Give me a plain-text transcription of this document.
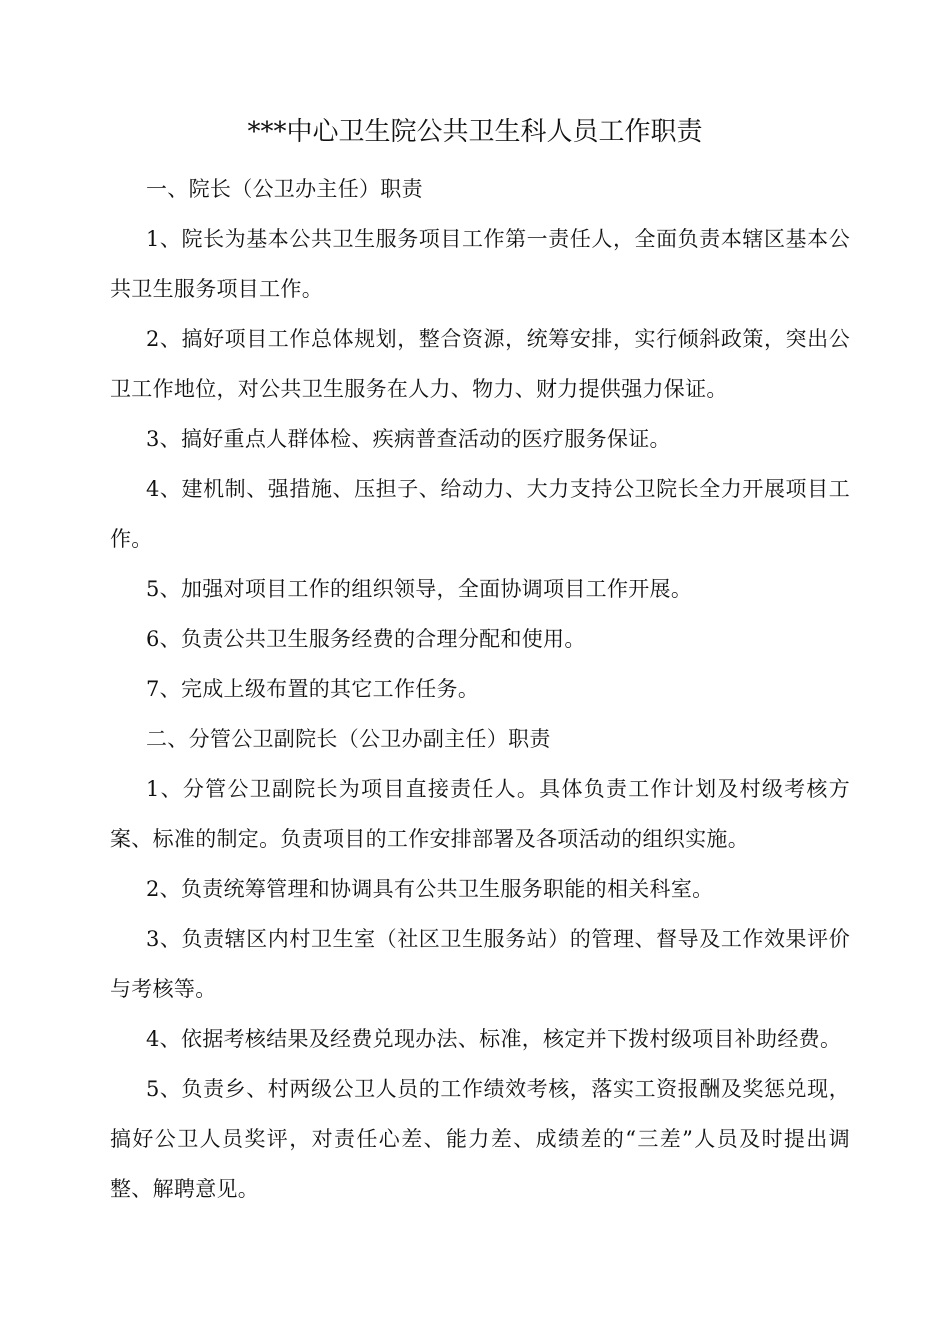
***中心卫生院公共卫生科人员工作职责

一、院长（公卫办主任）职责

1、院长为基本公共卫生服务项目工作第一责任人，全面负责本辖区基本公共卫生服务项目工作。

2、搞好项目工作总体规划，整合资源，统筹安排，实行倾斜政策，突出公卫工作地位，对公共卫生服务在人力、物力、财力提供强力保证。

3、搞好重点人群体检、疾病普查活动的医疗服务保证。

4、建机制、强措施、压担子、给动力、大力支持公卫院长全力开展项目工作。

5、加强对项目工作的组织领导，全面协调项目工作开展。

6、负责公共卫生服务经费的合理分配和使用。

7、完成上级布置的其它工作任务。

二、分管公卫副院长（公卫办副主任）职责

1、分管公卫副院长为项目直接责任人。具体负责工作计划及村级考核方案、标准的制定。负责项目的工作安排部署及各项活动的组织实施。

2、负责统筹管理和协调具有公共卫生服务职能的相关科室。

3、负责辖区内村卫生室（社区卫生服务站）的管理、督导及工作效果评价与考核等。

4、依据考核结果及经费兑现办法、标准，核定并下拨村级项目补助经费。

5、负责乡、村两级公卫人员的工作绩效考核，落实工资报酬及奖惩兑现，搞好公卫人员奖评，对责任心差、能力差、成绩差的“三差”人员及时提出调整、解聘意见。
